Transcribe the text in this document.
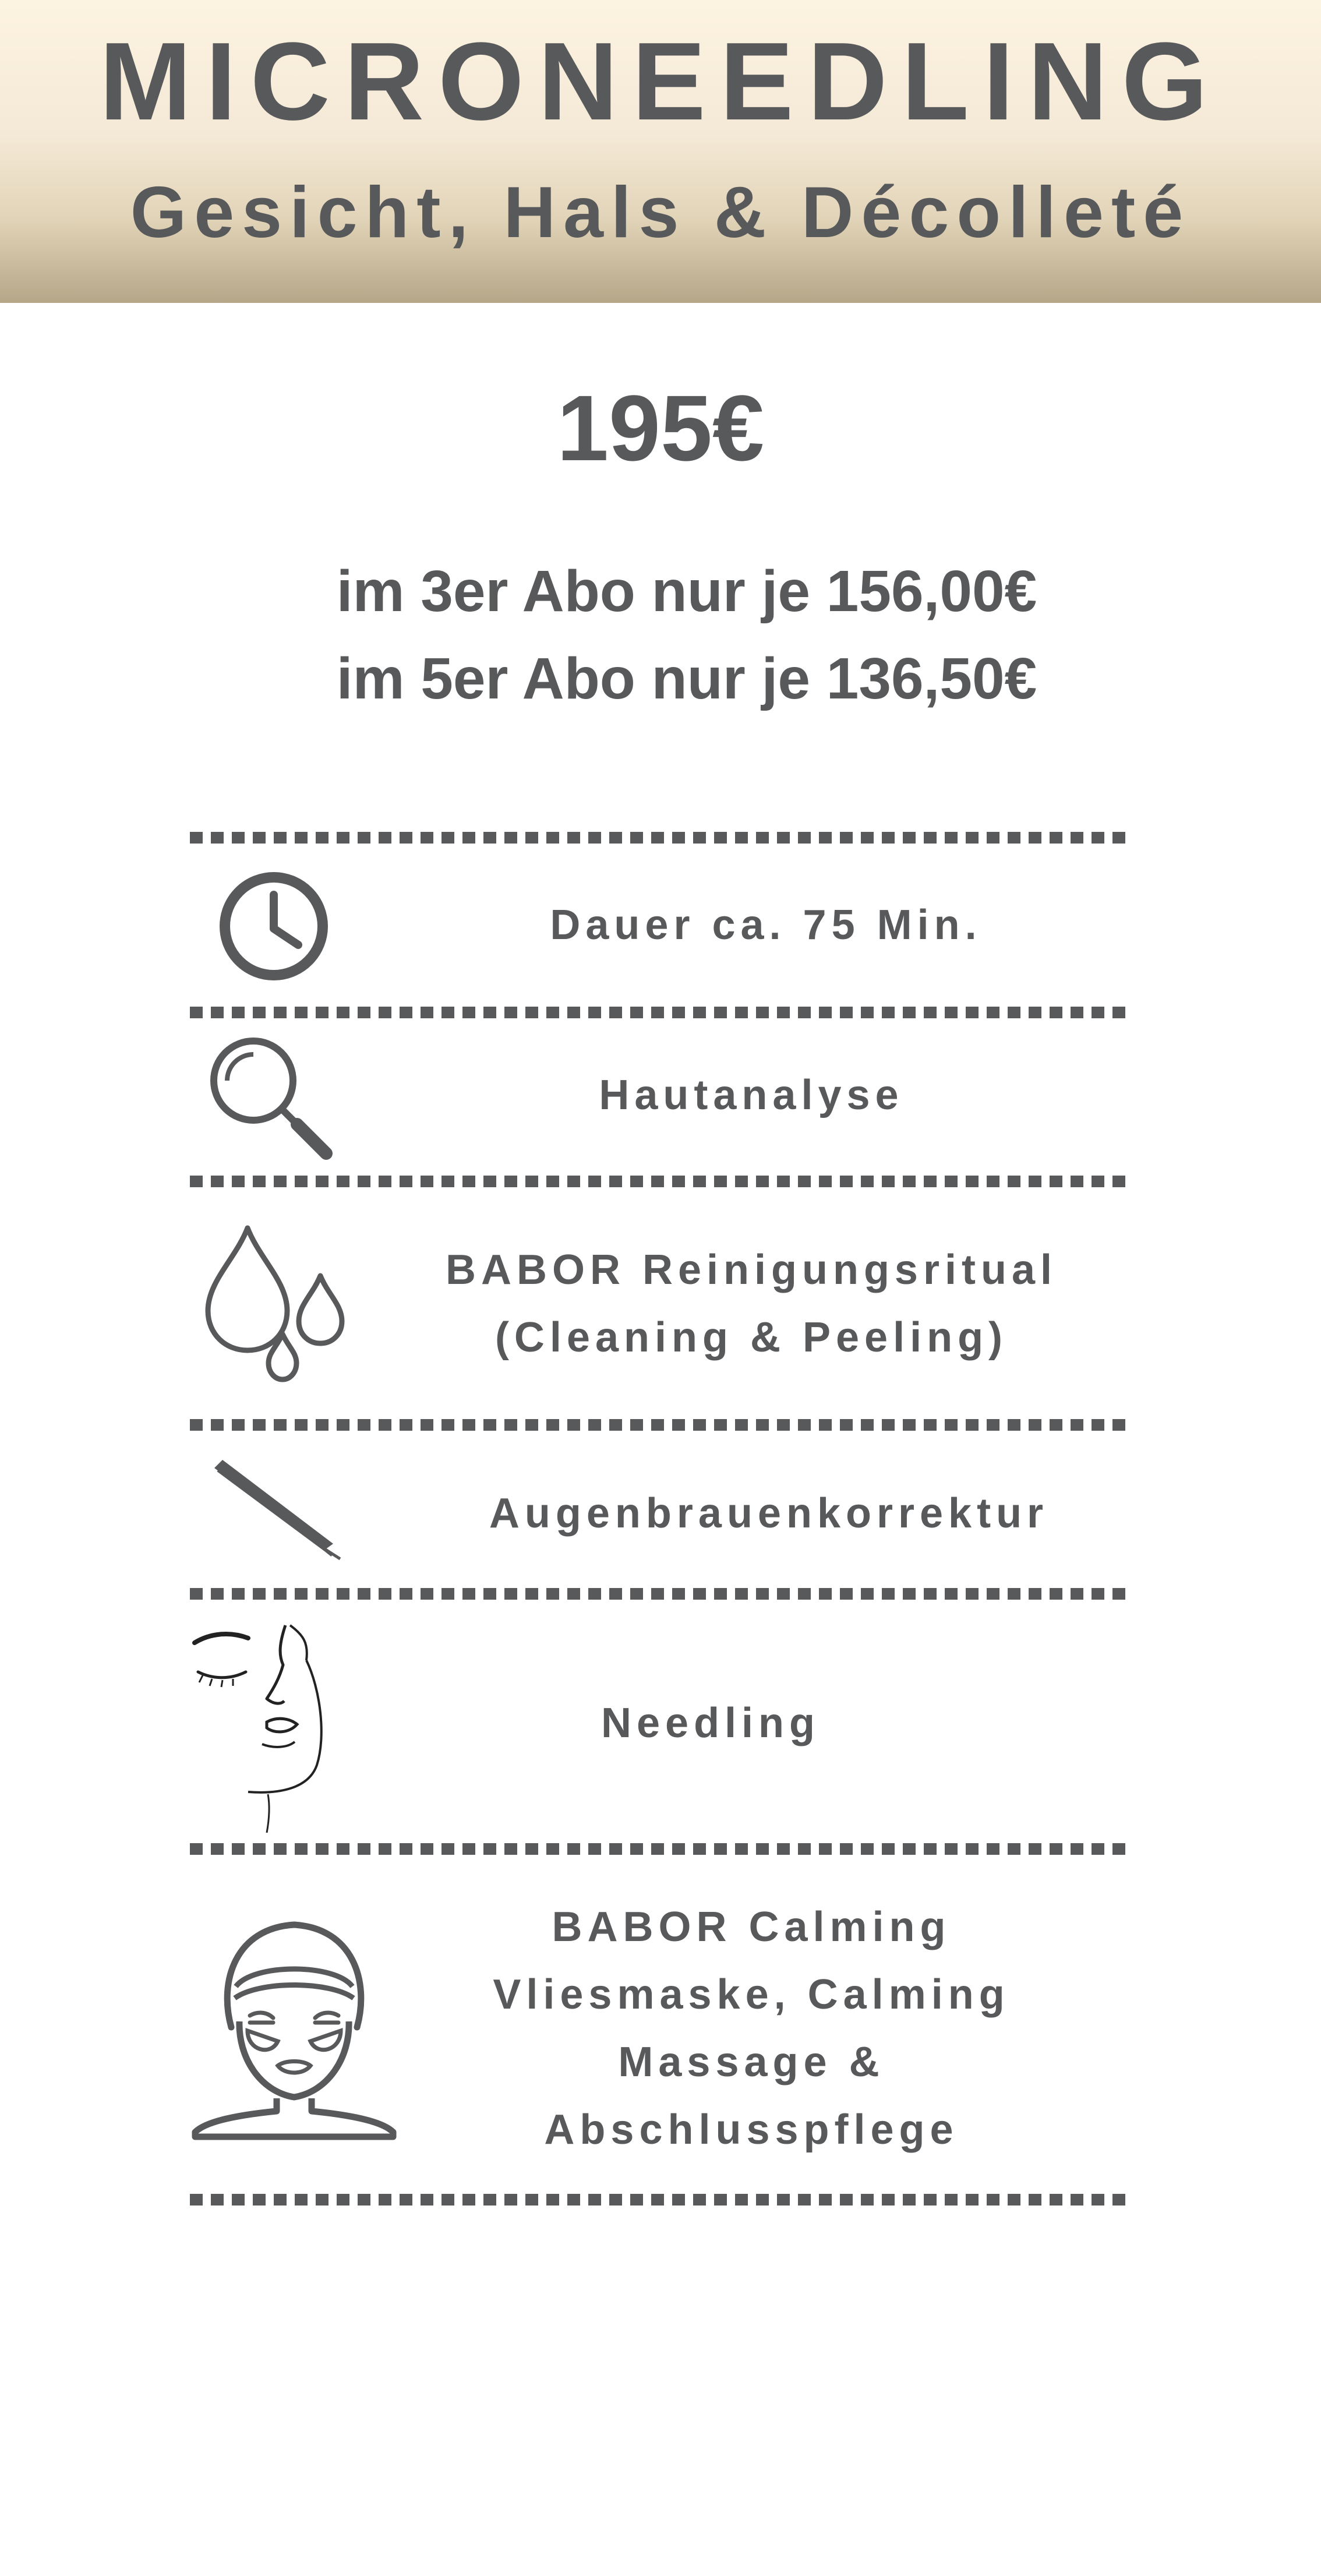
MICRONEEDLING
Gesicht, Hals & Décolleté
195€
im 3er Abo nur je 156,00€
im 5er Abo nur je 136,50€
Dauer ca. 75 Min.
Hautanalyse
BABOR Reinigungsritual
(Cleaning & Peeling)
Augenbrauenkorrektur
Needling
BABOR Calming
Vliesmaske, Calming
Massage &
Abschlusspflege
